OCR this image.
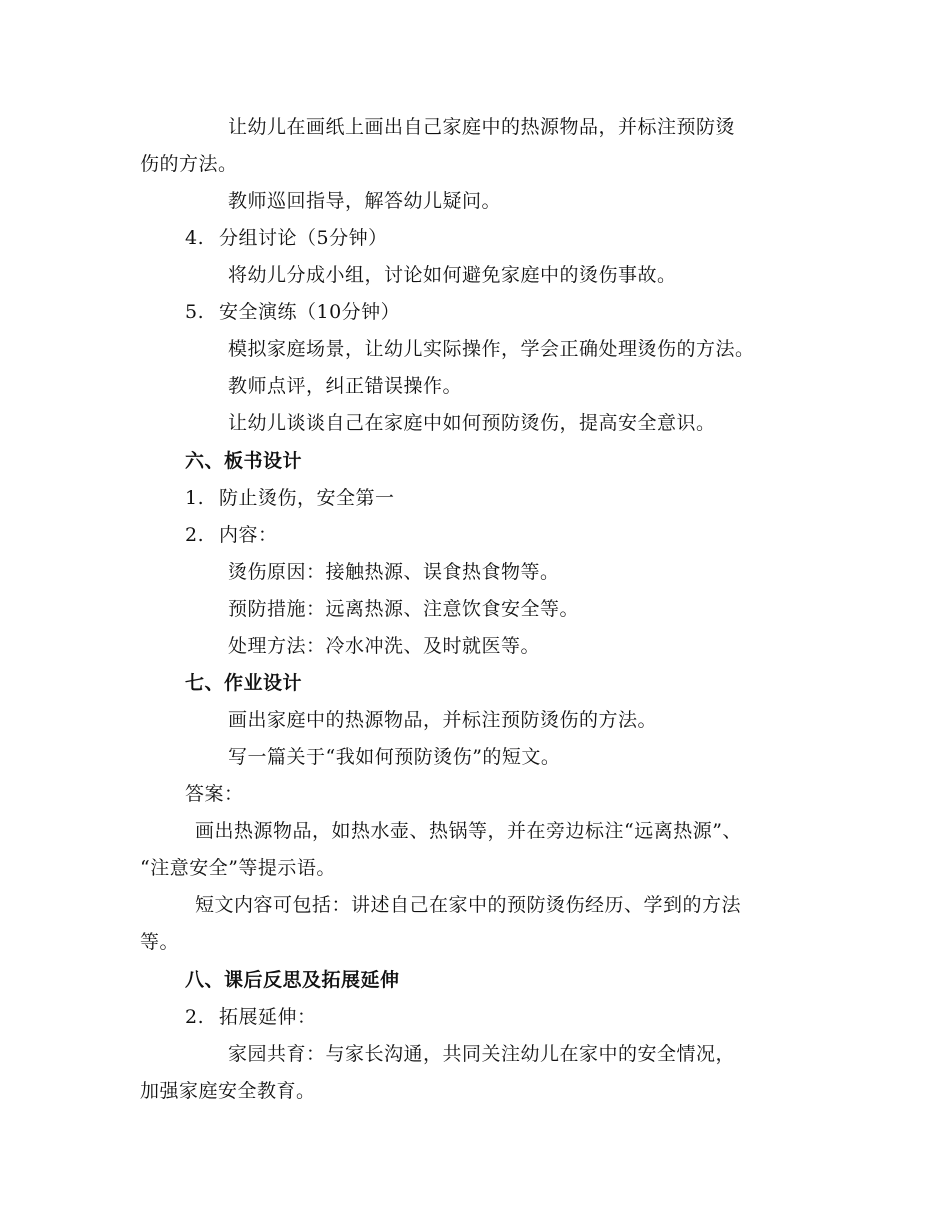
让幼儿在画纸上画出自己家庭中的热源物品，并标注预防烫
伤的方法。
教师巡回指导，解答幼儿疑问。
4. 分组讨论（5分钟）
将幼儿分成小组，讨论如何避免家庭中的烫伤事故。
5. 安全演练（10分钟）
模拟家庭场景，让幼儿实际操作，学会正确处理烫伤的方法。
教师点评，纠正错误操作。
让幼儿谈谈自己在家庭中如何预防烫伤，提高安全意识。
六、板书设计
1. 防止烫伤，安全第一
2. 内容：
烫伤原因：接触热源、误食热食物等。
预防措施：远离热源、注意饮食安全等。
处理方法：冷水冲洗、及时就医等。
七、作业设计
画出家庭中的热源物品，并标注预防烫伤的方法。
写一篇关于“我如何预防烫伤”的短文。
答案：
画出热源物品，如热水壶、热锅等，并在旁边标注“远离热源”、
“注意安全”等提示语。
短文内容可包括：讲述自己在家中的预防烫伤经历、学到的方法
等。
八、课后反思及拓展延伸
2. 拓展延伸：
家园共育：与家长沟通，共同关注幼儿在家中的安全情况，
加强家庭安全教育。
